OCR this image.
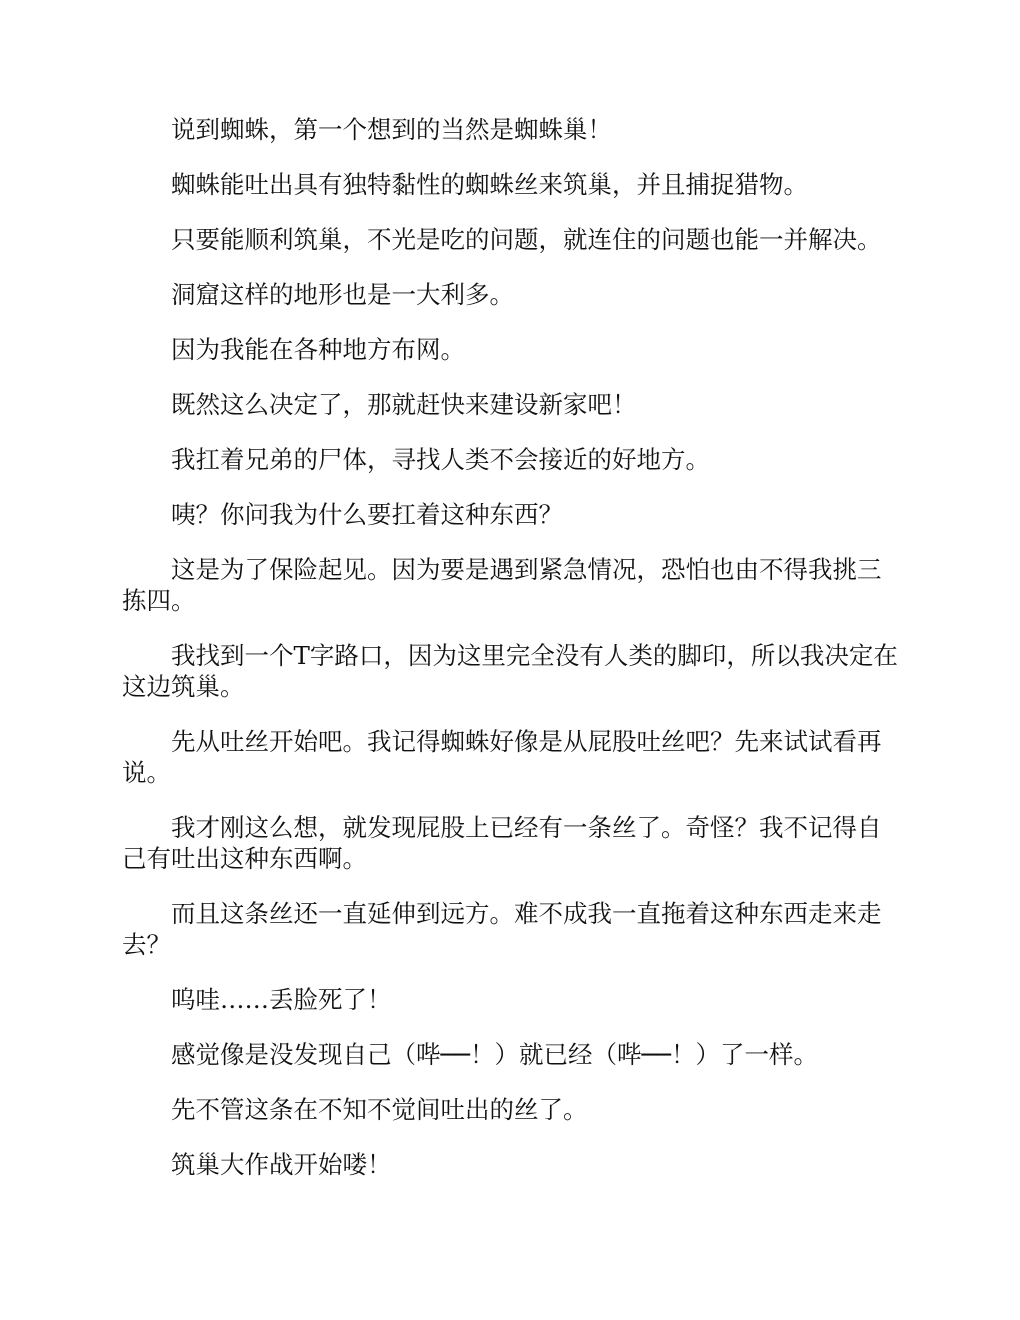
说到蜘蛛，第一个想到的当然是蜘蛛巢！

蜘蛛能吐出具有独特黏性的蜘蛛丝来筑巢，并且捕捉猎物。

只要能顺利筑巢，不光是吃的问题，就连住的问题也能一并解决。

洞窟这样的地形也是一大利多。

因为我能在各种地方布网。

既然这么决定了，那就赶快来建设新家吧！

我扛着兄弟的尸体，寻找人类不会接近的好地方。

咦？你问我为什么要扛着这种东西？

这是为了保险起见。因为要是遇到紧急情况，恐怕也由不得我挑三拣四。

我找到一个T字路口，因为这里完全没有人类的脚印，所以我决定在这边筑巢。

先从吐丝开始吧。我记得蜘蛛好像是从屁股吐丝吧？先来试试看再说。

我才刚这么想，就发现屁股上已经有一条丝了。奇怪？我不记得自己有吐出这种东西啊。

而且这条丝还一直延伸到远方。难不成我一直拖着这种东西走来走去？

呜哇……丢脸死了！

感觉像是没发现自己（哔──！）就已经（哔──！）了一样。

先不管这条在不知不觉间吐出的丝了。

筑巢大作战开始喽！
